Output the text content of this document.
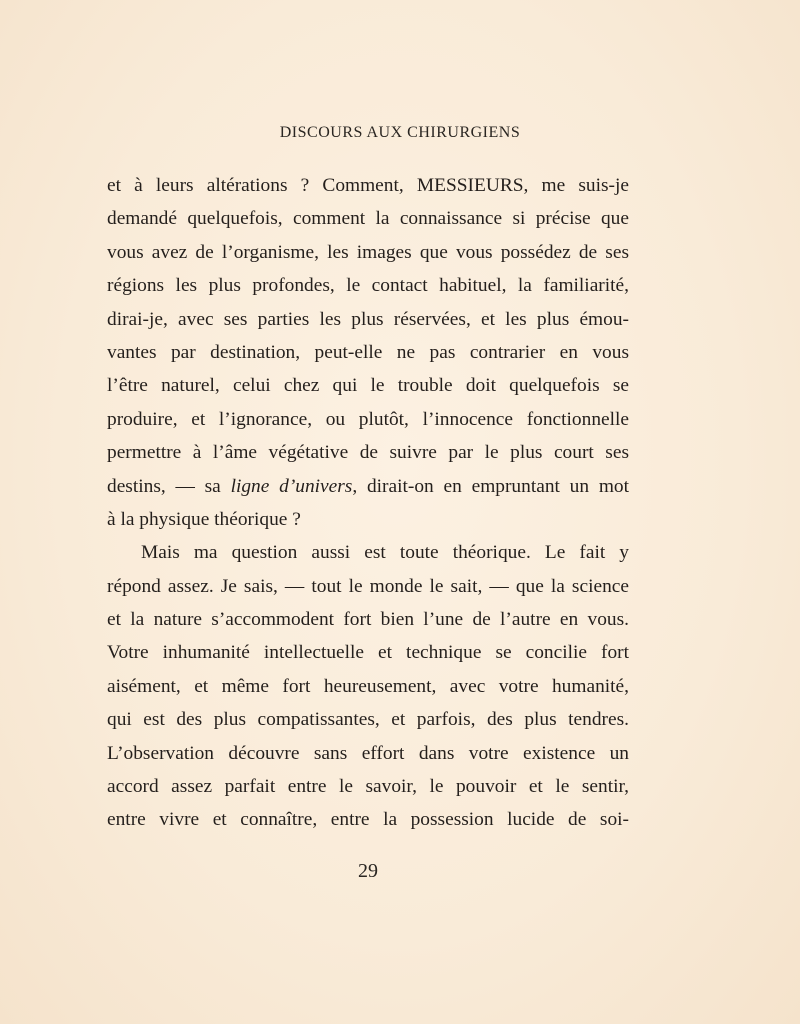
DISCOURS AUX CHIRURGIENS
et à leurs altérations ? Comment, MESSIEURS, me suis-je
demandé quelquefois, comment la connaissance si précise que
vous avez de l’organisme, les images que vous possédez de ses
régions les plus profondes, le contact habituel, la familiarité,
dirai-je, avec ses parties les plus réservées, et les plus émou-
vantes par destination, peut-elle ne pas contrarier en vous
l’être naturel, celui chez qui le trouble doit quelquefois se
produire, et l’ignorance, ou plutôt, l’innocence fonctionnelle
permettre à l’âme végétative de suivre par le plus court ses
destins, — sa ligne d’univers, dirait-on en empruntant un mot
à la physique théorique ?
Mais ma question aussi est toute théorique. Le fait y
répond assez. Je sais, — tout le monde le sait, — que la science
et la nature s’accommodent fort bien l’une de l’autre en vous.
Votre inhumanité intellectuelle et technique se concilie fort
aisément, et même fort heureusement, avec votre humanité,
qui est des plus compatissantes, et parfois, des plus tendres.
L’observation découvre sans effort dans votre existence un
accord assez parfait entre le savoir, le pouvoir et le sentir,
entre vivre et connaître, entre la possession lucide de soi-
29
